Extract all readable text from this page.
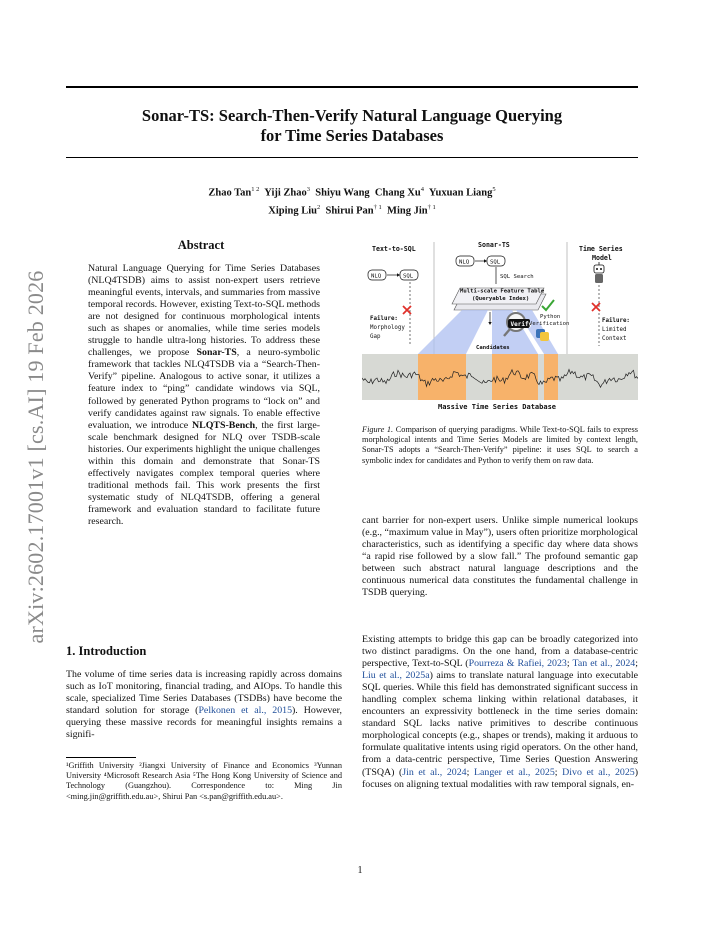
arXiv:2602.17001v1 [cs.AI] 19 Feb 2026
Sonar-TS: Search-Then-Verify Natural Language Querying
for Time Series Databases
Zhao Tan$^{1 2}$ Yiji Zhao$^3$ Shiyu Wang Chang Xu$^4$ Yuxuan Liang$^5$
Xiping Liu$^2$ Shirui Pan$^{\dagger 1}$ Ming Jin$^{\dagger 1}$
Abstract
Natural Language Querying for Time Series Databases (NLQ4TSDB) aims to assist non-expert users retrieve meaningful events, intervals, and summaries from massive temporal records. However, existing Text-to-SQL methods are not designed for continuous morphological intents such as shapes or anomalies, while time series models struggle to handle ultra-long histories. To address these challenges, we propose Sonar-TS, a neuro-symbolic framework that tackles NLQ4TSDB via a “Search-Then-Verify” pipeline. Analogous to active sonar, it utilizes a feature index to “ping” candidate windows via SQL, followed by generated Python programs to “lock on” and verify candidates against raw signals. To enable effective evaluation, we introduce NLQTS-Bench, the first large-scale benchmark designed for NLQ over TSDB-scale histories. Our experiments highlight the unique challenges within this domain and demonstrate that Sonar-TS effectively navigates complex temporal queries where traditional methods fail. This work presents the first systematic study of NLQ4TSDB, offering a general framework and evaluation standard to facilitate future research.
1. Introduction
The volume of time series data is increasing rapidly across domains such as IoT monitoring, financial trading, and AIOps. To handle this scale, specialized Time Series Databases (TSDBs) have become the standard solution for storage (Pelkonen et al., 2015). However, querying these massive records for meaningful insights remains a signifi-
¹Griffith University ²Jiangxi University of Finance and Economics ³Yunnan University ⁴Microsoft Research Asia ⁵The Hong Kong University of Science and Technology (Guangzhou). Correspondence to: Ming Jin <ming.jin@griffith.edu.au>, Shirui Pan <s.pan@griffith.edu.au>.
cant barrier for non-expert users. Unlike simple numerical lookups (e.g., “maximum value in May”), users often prioritize morphological characteristics, such as identifying a specific day where data shows “a rapid rise followed by a slow fall.” The profound semantic gap between such abstract natural language descriptions and the continuous numerical data constitutes the fundamental challenge in TSDB querying.
Existing attempts to bridge this gap can be broadly categorized into two distinct paradigms. On the one hand, from a database-centric perspective, Text-to-SQL (Pourreza & Rafiei, 2023; Tan et al., 2024; Liu et al., 2025a) aims to translate natural language into executable SQL queries. While this field has demonstrated significant success in handling complex schema linking within relational databases, it encounters an expressivity bottleneck in the time series domain: standard SQL lacks native primitives to describe continuous morphological concepts (e.g., shapes or trends), making it arduous to formulate qualitative intents using rigid operators. On the other hand, from a data-centric perspective, Time Series Question Answering (TSQA) (Jin et al., 2024; Langer et al., 2025; Divo et al., 2025) focuses on aligning textual modalities with raw temporal signals, en-
Text-to-SQL	Sonar-TS	Time Series
Model
NLQ	SQL
Failure:
Morphology
Gap
NLQ	SQL
SQL Search
Multi-scale Feature Table
(Queryable Index)
Verify
Python
Verification
Candidates
Failure:
Limited
Context
Massive Time Series Database
Figure 1. Comparison of querying paradigms. While Text-to-SQL fails to express morphological intents and Time Series Models are limited by context length, Sonar-TS adopts a “Search-Then-Verify” pipeline: it uses SQL to search a symbolic index for candidates and Python to verify them on raw data.
1
